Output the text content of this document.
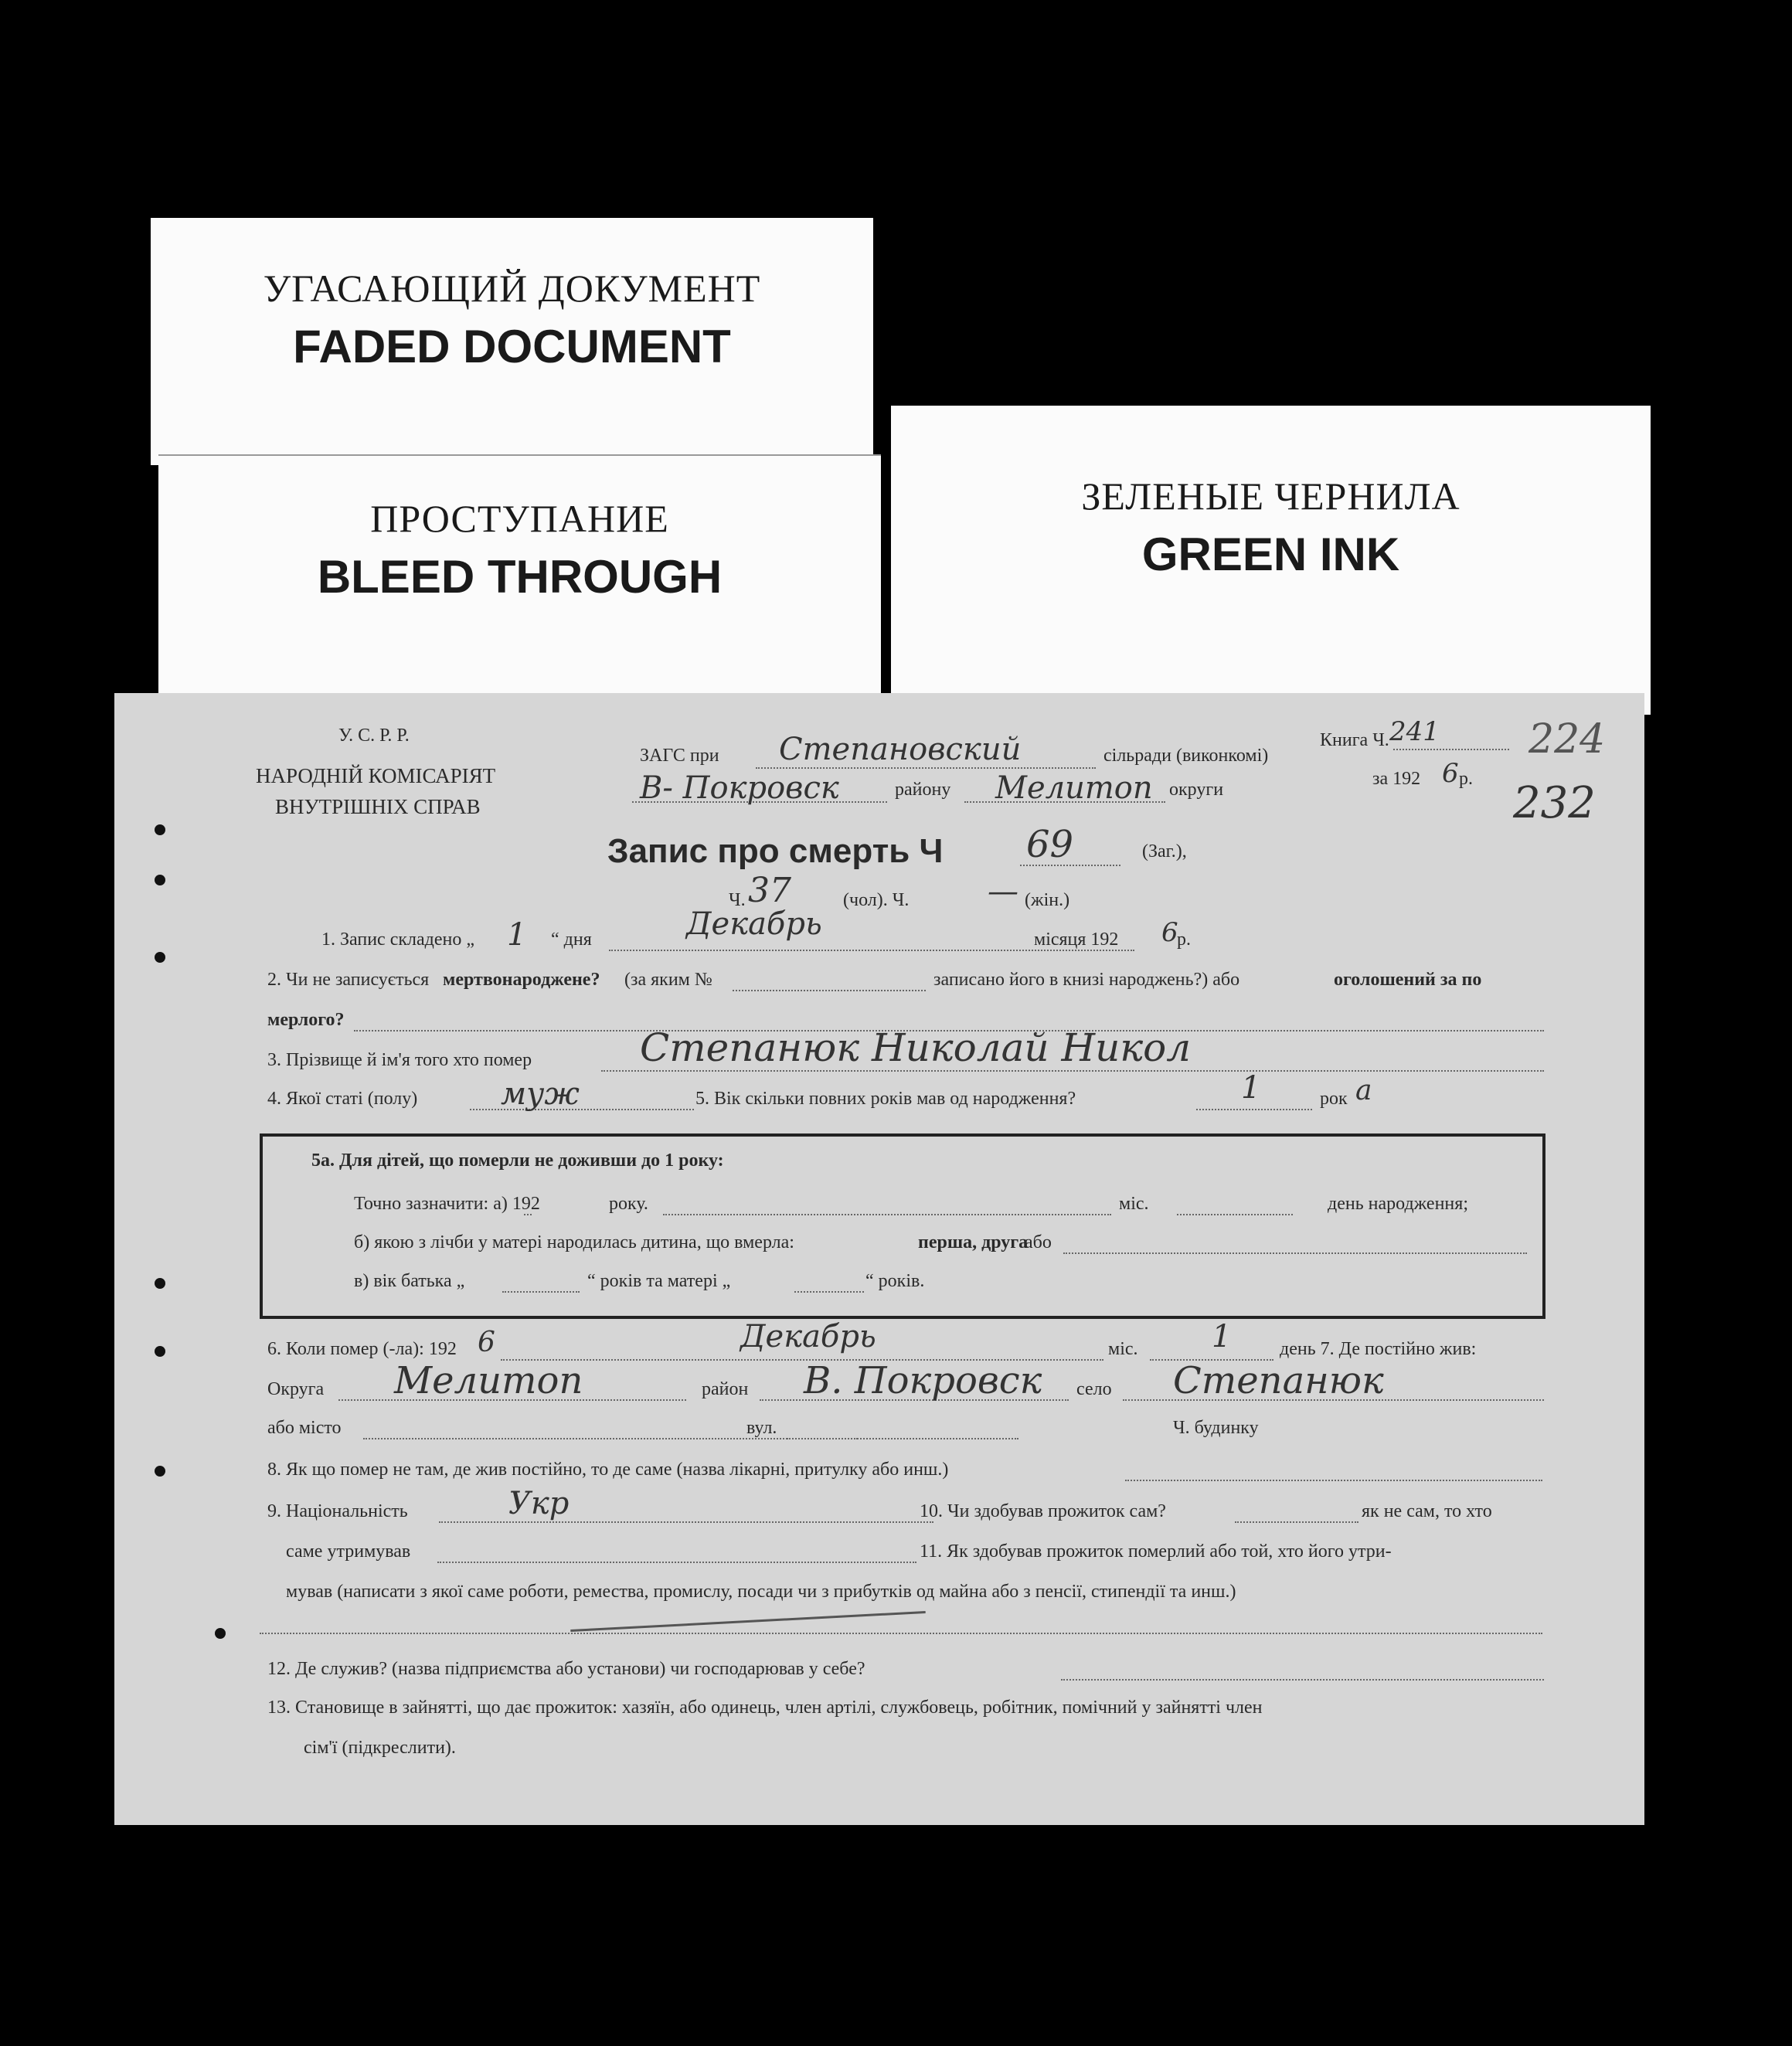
УГАСАЮЩИЙ ДОКУМЕНТ
FADED DOCUMENT
ПРОСТУПАНИЕ
BLEED THROUGH
ЗЕЛЕНЫЕ ЧЕРНИЛА
GREEN INK
У. С. Р. Р.
НАРОДНІЙ КОМІСАРІЯТ
ВНУТРІШНІХ СПРАВ
ЗАГС при Степановский	сільради (виконкомі)
В- Покровск	району Мелитоп округи
Книга Ч. 241
за 192 6 р.
224
232
Запис про смерть Ч 69	(Заг.),
Ч. 37	(чол). Ч.	— (жін.)
1. Запис складено „ 1 “ дня	Декабрь	місяця 192 6
р.
2. Чи не записується мертвонароджене? (за яким №	записано його в книзі народжень?) або	оголошений за по
мерлого?
3. Прізвище й ім'я того хто помер	Степанюк Николай Никол
4. Якої статі (полу)	муж	5. Вік скільки повних років мав од народження?	1	рок а
5а. Для дітей, що померли не доживши до 1 року:
Точно зазначити: а) 192	року.	міс.	день народження;
б) якою з лічби у матері народилась дитина, що вмерла:	перша, друга
або
в) вік батька „	“ років та матері „	“ років.
6. Коли помер (-ла): 192 6	Декабрь	міс. 1	день 7. Де постійно жив:
Округа Мелитоп	район В. Покровск село Степанюк
або місто	вул.	Ч. будинку
8. Як що помер не там, де жив постійно, то де саме (назва лікарні, притулку або инш.)
9. Національність	Укр	10. Чи здобував прожиток сам?	як не сам, то хто
саме утримував	11. Як здобував прожиток померлий або той, хто його утри-
мував (написати з якої саме роботи, ремества, промислу, посади чи з прибутків од майна або з пенсії, стипендії та инш.)
12. Де служив? (назва підприємства або установи) чи господарював у себе?
13. Становище в зайнятті, що дає прожиток: хазяїн, або одинець, член артілі, службовець, робітник, помічний у зайнятті член
сім'ї (підкреслити).
